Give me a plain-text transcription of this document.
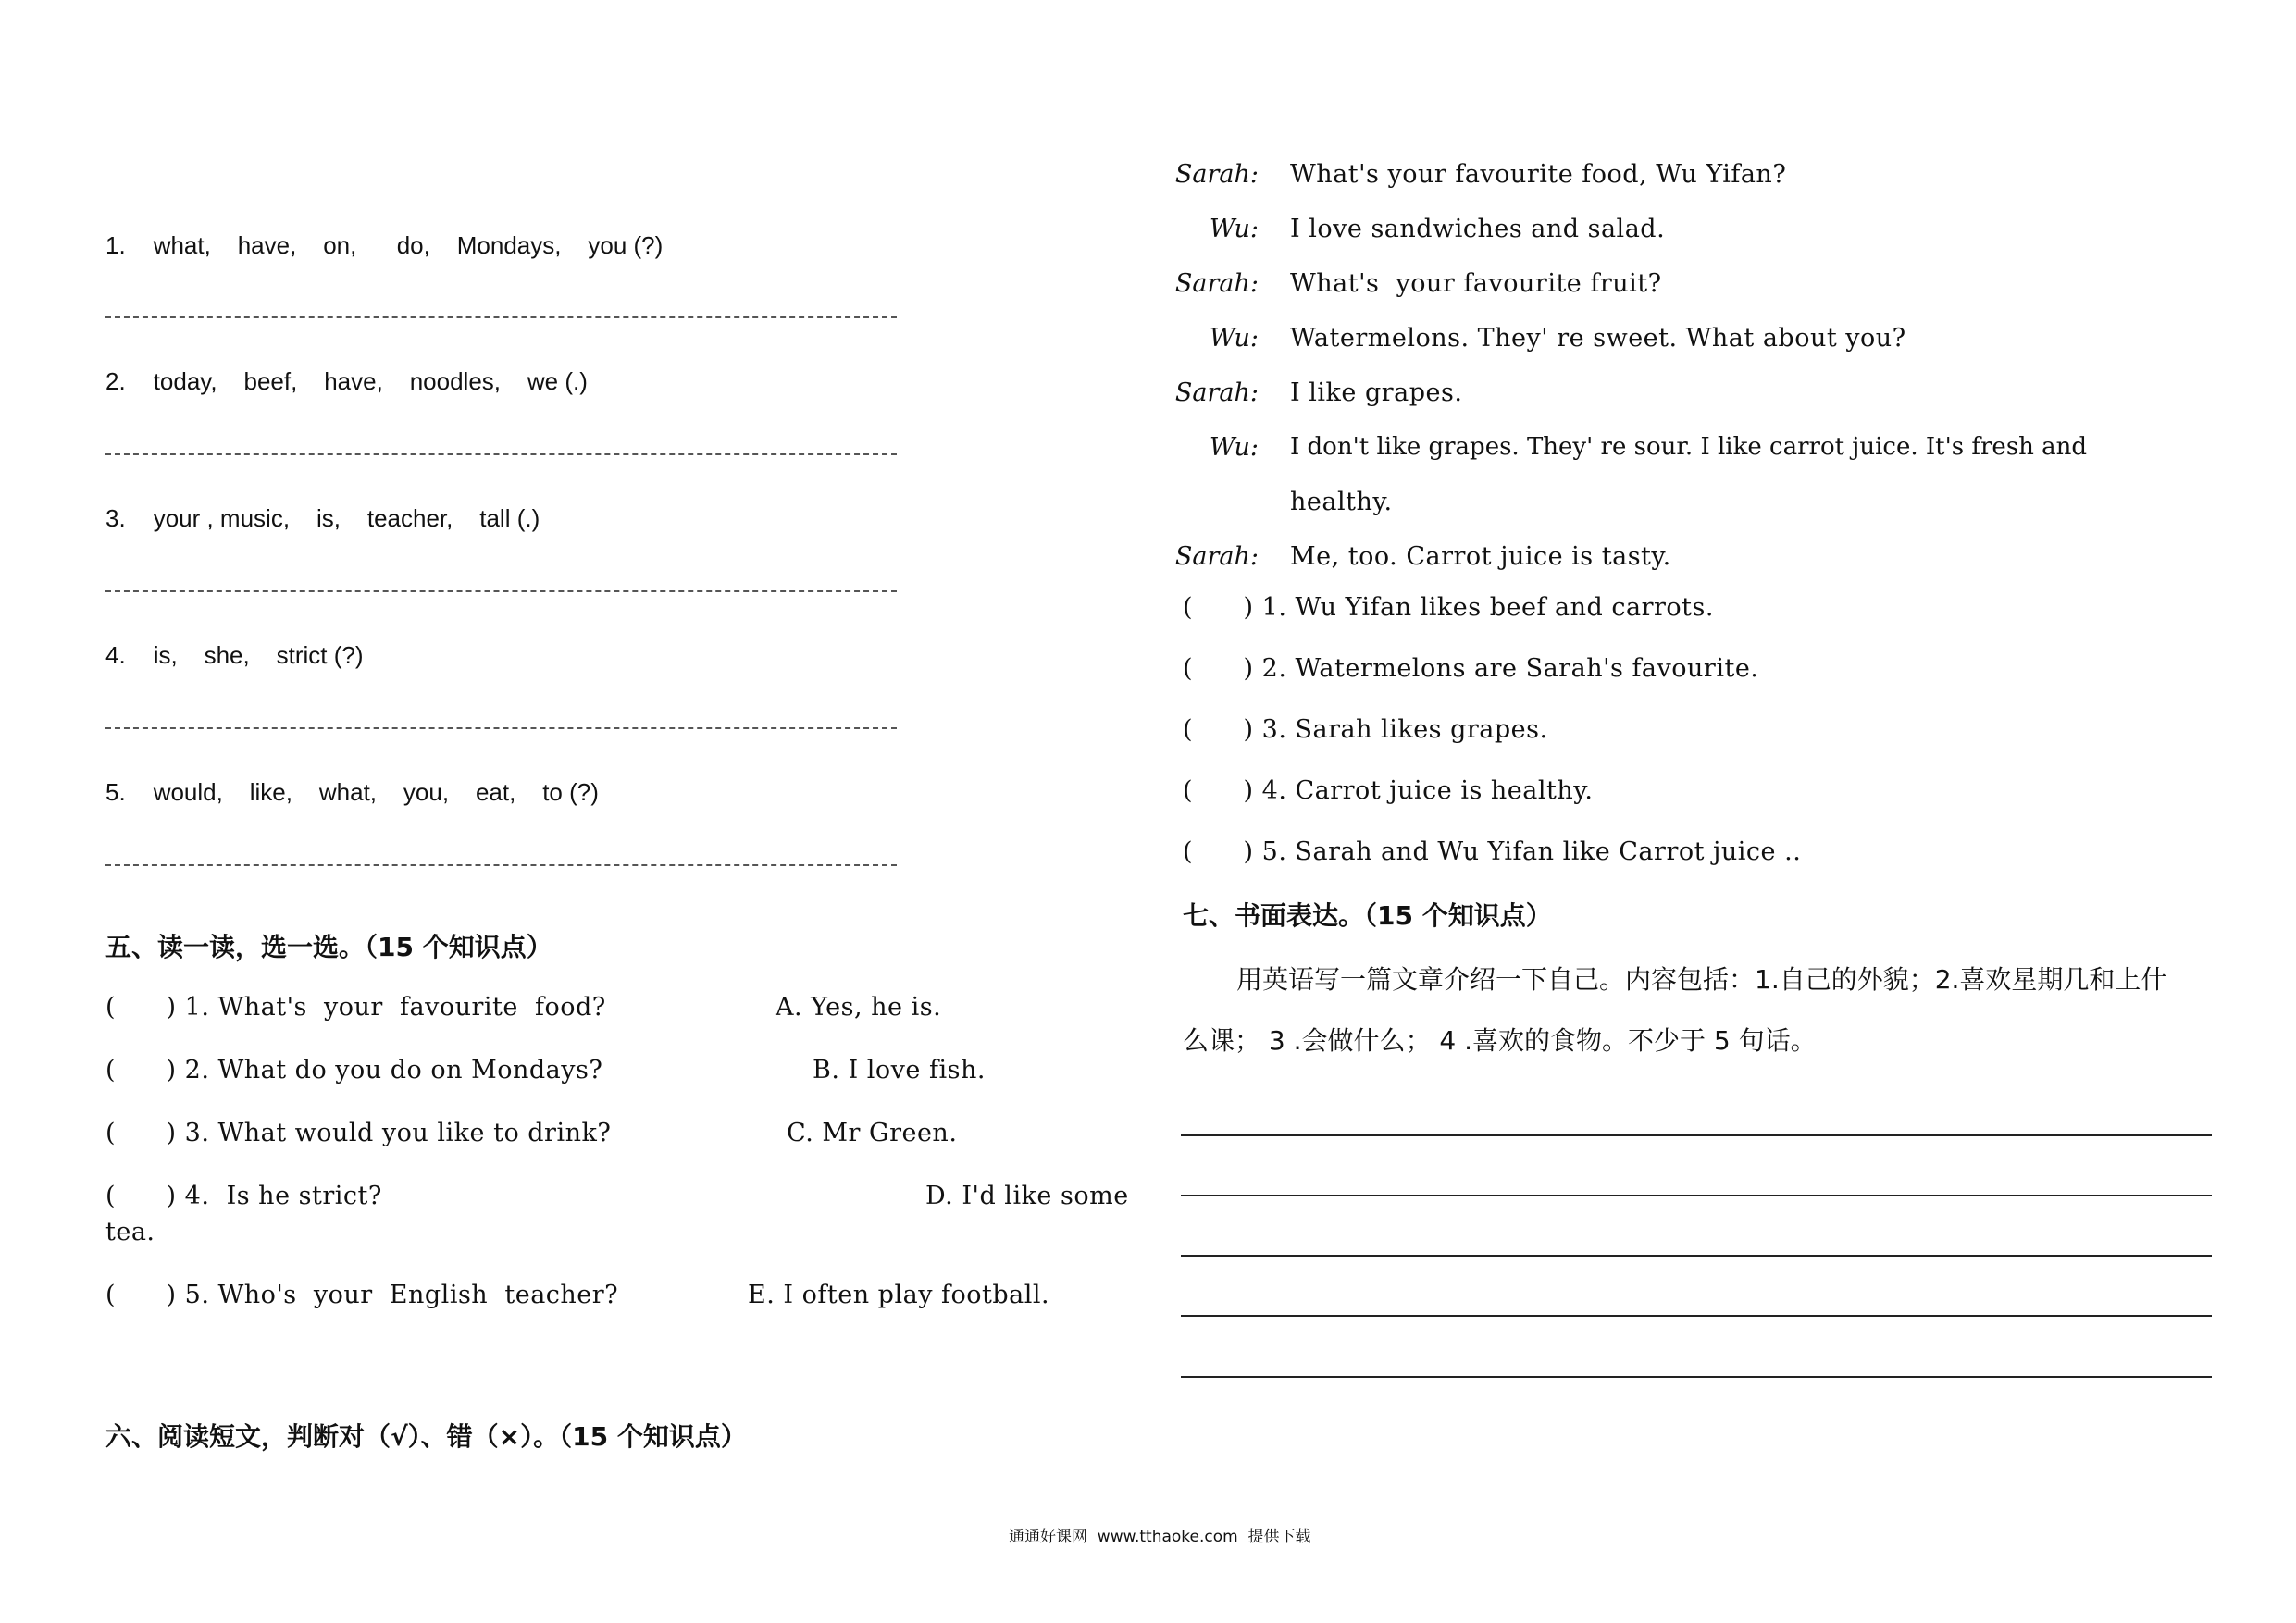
1. what,    have,    on,      do,    Mondays,    you (?)
2. today,    beef,    have,    noodles,    we (.)
3. your , music,    is,    teacher,    tall (.)
4. is,    she,    strict (?)
5. would,    like,    what,    you,    eat,    to (?)
五、读一读，选一选。（15 个知识点）
(      ) 1. What's  your  favourite  food?	A. Yes, he is.
(      ) 2. What do you do on Mondays?	B. I love fish.
(      ) 3. What would you like to drink?	C. Mr Green.
(      ) 4.  Is he strict?	D. I'd like some
tea.
(      ) 5. Who's  your  English  teacher?	E. I often play football.
六、阅读短文，判断对（√）、错（×）。（15 个知识点）
Sarah: What's your favourite food, Wu Yifan?
Wu: I love sandwiches and salad.
Sarah: What's  your favourite fruit?
Wu: Watermelons. They' re sweet. What about you?
Sarah: I like grapes.
Wu: I don't like grapes. They' re sour. I like carrot juice. It's fresh and
healthy.
Sarah: Me, too. Carrot juice is tasty.
(      ) 1. Wu Yifan likes beef and carrots.
(      ) 2. Watermelons are Sarah's favourite.
(      ) 3. Sarah likes grapes.
(      ) 4. Carrot juice is healthy.
(      ) 5. Sarah and Wu Yifan like Carrot juice ..
七、书面表达。（15 个知识点）
用英语写一篇文章介绍一下自己。内容包括：1.自己的外貌；2.喜欢星期几和上什
么课； 3 .会做什么； 4 .喜欢的食物。不少于 5 句话。
通通好课网  www.tthaoke.com  提供下载
